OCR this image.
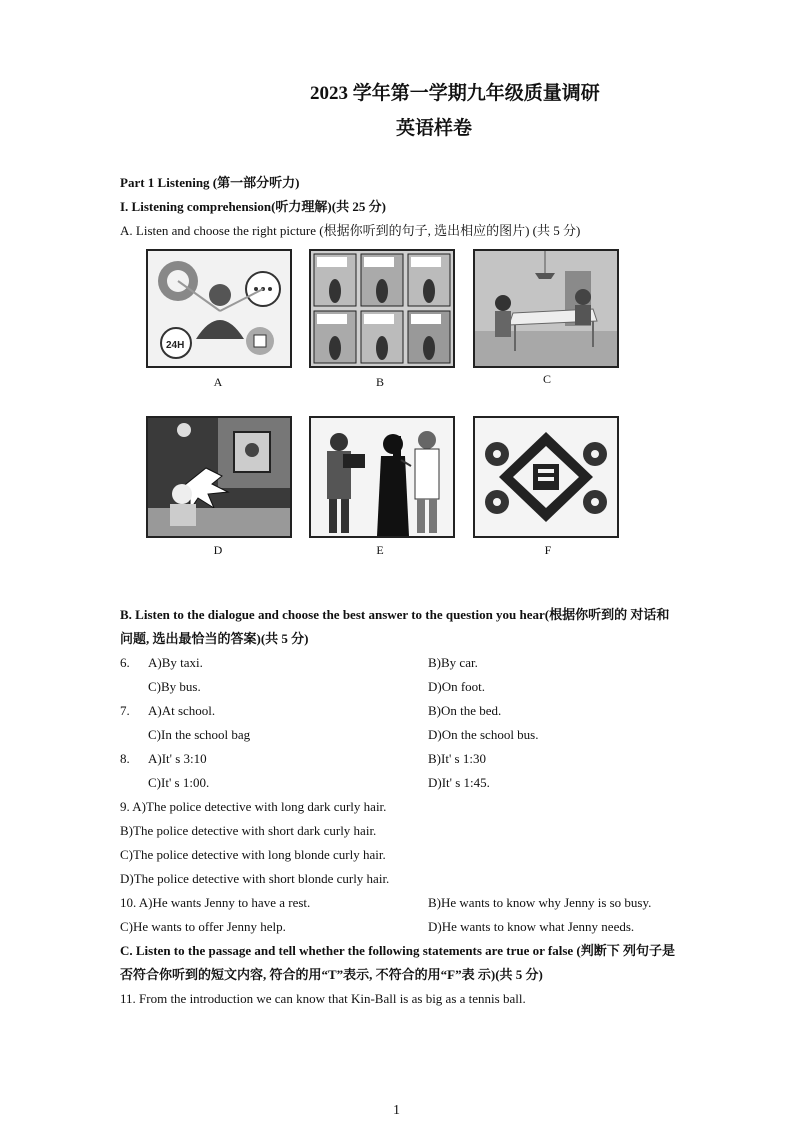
2023 学年第一学期九年级质量调研
英语样卷
Part 1 Listening (第一部分听力)
I. Listening comprehension(听力理解)(共 25 分)
A. Listen and choose the right picture (根据你听到的句子, 选出相应的图片) (共 5 分)
24H
A	B	C
D	E	F
B. Listen to the dialogue and choose the best answer to the question you hear(根据你听到的 对话和
问题, 选出最恰当的答案)(共 5 分)
6. A)By taxi.	B)By car.
C)By bus.	D)On foot.
7. A)At school.	B)On the bed.
C)In the school bag	D)On the school bus.
8. A)It' s 3:10	B)It' s 1:30
C)It' s 1:00.	D)It' s 1:45.
9. A)The police detective with long dark curly hair.
B)The police detective with short dark curly hair.
C)The police detective with long blonde curly hair.
D)The police detective with short blonde curly hair.
10. A)He wants Jenny to have a rest.	B)He wants to know why Jenny is so busy.
C)He wants to offer Jenny help.	D)He wants to know what Jenny needs.
C. Listen to the passage and tell whether the following statements are true or false (判断下 列句子是
否符合你听到的短文内容, 符合的用“T”表示, 不符合的用“F”表 示)(共 5 分)
11. From the introduction we can know that Kin-Ball is as big as a tennis ball.
1
